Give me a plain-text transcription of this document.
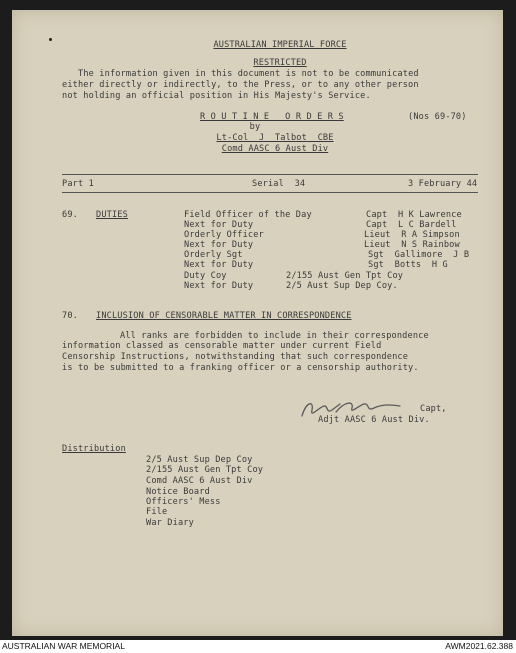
AUSTRALIAN IMPERIAL FORCE
RESTRICTED
The information given in this document is not to be communicated
either directly or indirectly, to the Press, or to any other person
not holding an official position in His Majesty's Service.
R O U T I N E   O R D E R S	(Nos 69-70)
by
Lt-Col  J  Talbot  CBE
Comd AASC 6 Aust Div
Part 1	Serial  34	3 February 44
69. DUTIES	Field Officer of the Day	Capt  H K Lawrence
Next for Duty	Capt  L C Bardell
Orderly Officer	Lieut  R A Simpson
Next for Duty	Lieut  N S Rainbow
Orderly Sgt	Sgt  Gallimore  J B
Next for Duty	Sgt  Botts  H G
Duty Coy	2/155 Aust Gen Tpt Coy
Next for Duty	2/5 Aust Sup Dep Coy.
70. INCLUSION OF CENSORABLE MATTER IN CORRESPONDENCE
All ranks are forbidden to include in their correspondence
information classed as censorable matter under current Field
Censorship Instructions, notwithstanding that such correspondence
is to be submitted to a franking officer or a censorship authority.
Capt,
Adjt AASC 6 Aust Div.
Distribution
2/5 Aust Sup Dep Coy
2/155 Aust Gen Tpt Coy
Comd AASC 6 Aust Div
Notice Board
Officers' Mess
File
War Diary
AUSTRALIAN WAR MEMORIAL	AWM2021.62.388
